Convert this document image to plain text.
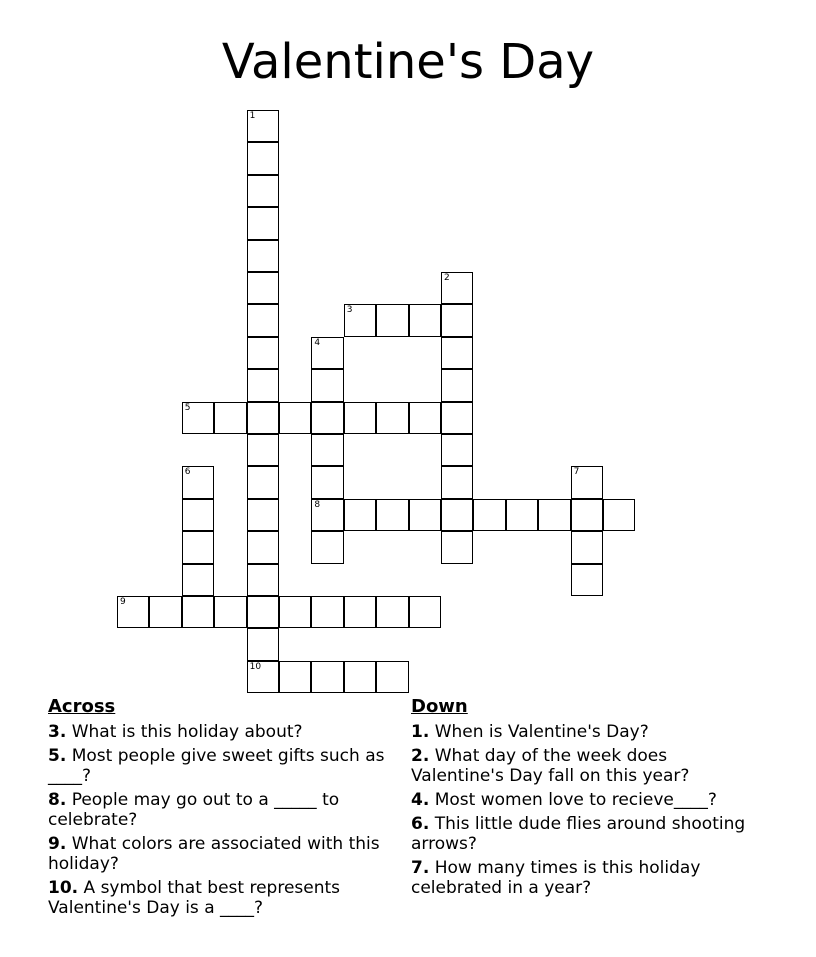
Valentine's Day
1
10
2
3
4
8
5
6	7
9
Across
3. What is this holiday about?
5. Most people give sweet gifts such as ____?
8. People may go out to a _____ to celebrate?
9. What colors are associated with this holiday?
10. A symbol that best represents Valentine's Day is a ____?
Down
1. When is Valentine's Day?
2. What day of the week does Valentine's Day fall on this year?
4. Most women love to recieve____?
6. This little dude flies around shooting arrows?
7. How many times is this holiday celebrated in a year?
